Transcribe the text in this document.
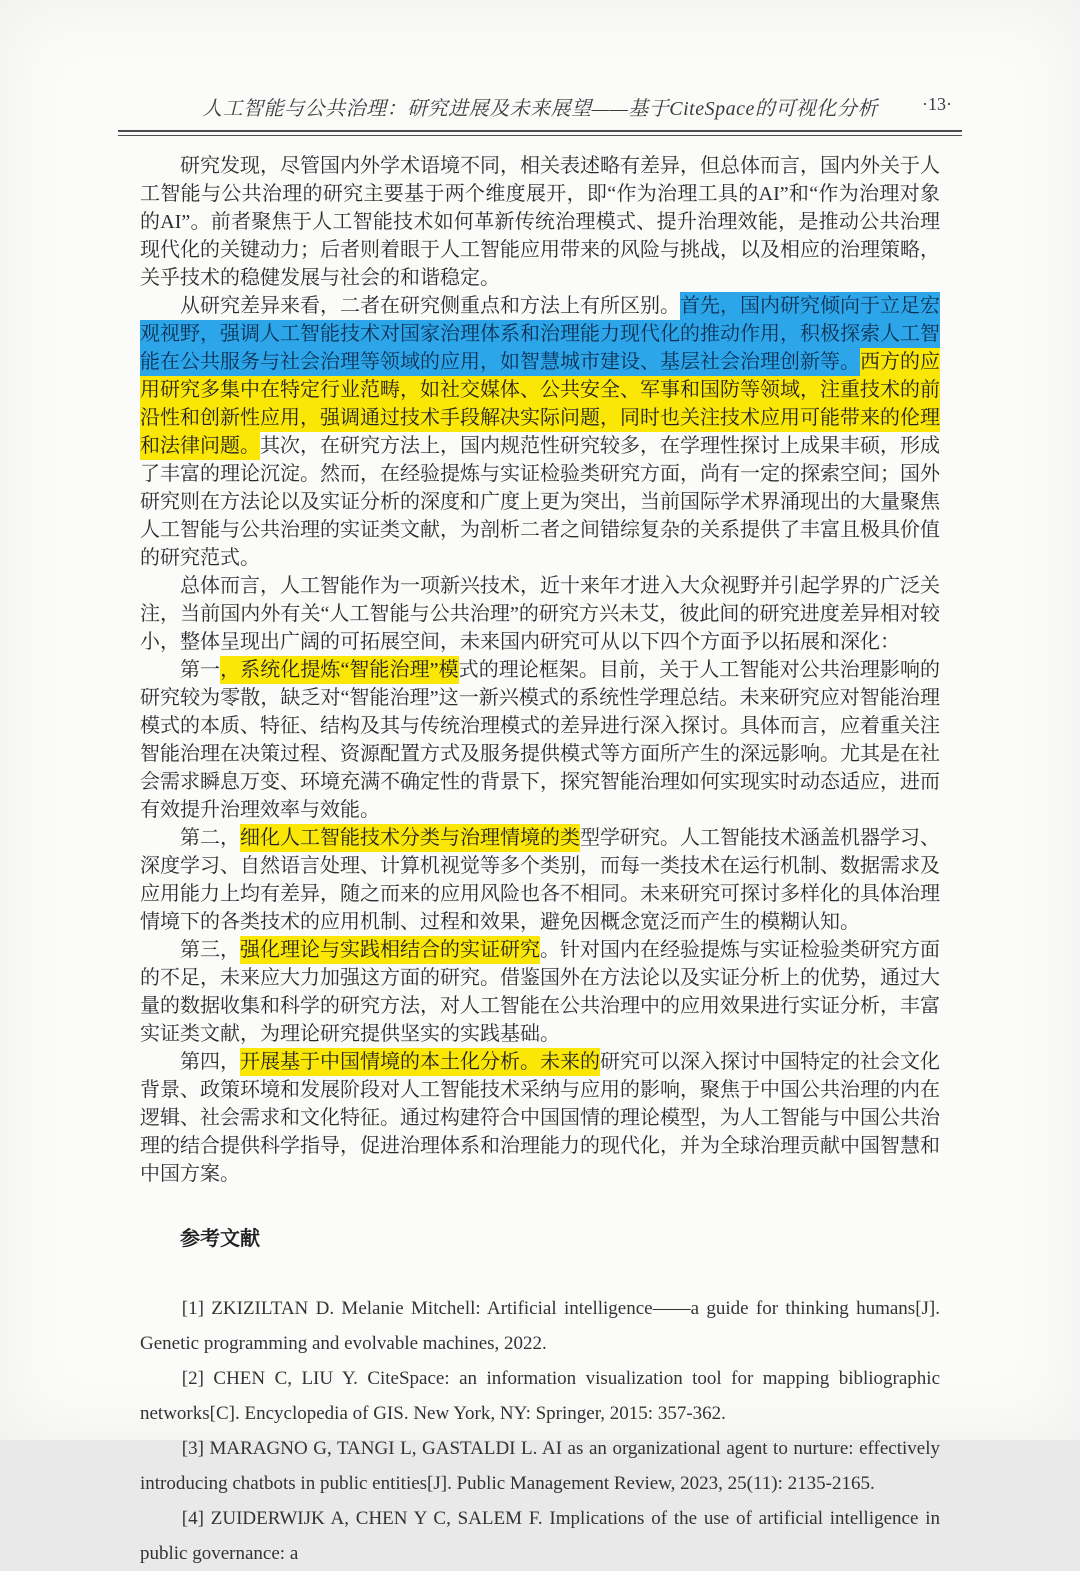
人工智能与公共治理：研究进展及未来展望——基于CiteSpace的可视化分析	·13·

研究发现，尽管国内外学术语境不同，相关表述略有差异，但总体而言，国内外关于人工智能与公共治理的研究主要基于两个维度展开，即“作为治理工具的AI”和“作为治理对象的AI”。前者聚焦于人工智能技术如何革新传统治理模式、提升治理效能，是推动公共治理现代化的关键动力；后者则着眼于人工智能应用带来的风险与挑战，以及相应的治理策略，关乎技术的稳健发展与社会的和谐稳定。

从研究差异来看，二者在研究侧重点和方法上有所区别。首先，国内研究倾向于立足宏观视野，强调人工智能技术对国家治理体系和治理能力现代化的推动作用，积极探索人工智能在公共服务与社会治理等领域的应用，如智慧城市建设、基层社会治理创新等。西方的应用研究多集中在特定行业范畴，如社交媒体、公共安全、军事和国防等领域，注重技术的前沿性和创新性应用，强调通过技术手段解决实际问题，同时也关注技术应用可能带来的伦理和法律问题。其次，在研究方法上，国内规范性研究较多，在学理性探讨上成果丰硕，形成了丰富的理论沉淀。然而，在经验提炼与实证检验类研究方面，尚有一定的探索空间；国外研究则在方法论以及实证分析的深度和广度上更为突出，当前国际学术界涌现出的大量聚焦人工智能与公共治理的实证类文献，为剖析二者之间错综复杂的关系提供了丰富且极具价值的研究范式。

总体而言，人工智能作为一项新兴技术，近十来年才进入大众视野并引起学界的广泛关注，当前国内外有关“人工智能与公共治理”的研究方兴未艾，彼此间的研究进度差异相对较小，整体呈现出广阔的可拓展空间，未来国内研究可从以下四个方面予以拓展和深化：

第一，系统化提炼“智能治理”模式的理论框架。目前，关于人工智能对公共治理影响的研究较为零散，缺乏对“智能治理”这一新兴模式的系统性学理总结。未来研究应对智能治理模式的本质、特征、结构及其与传统治理模式的差异进行深入探讨。具体而言，应着重关注智能治理在决策过程、资源配置方式及服务提供模式等方面所产生的深远影响。尤其是在社会需求瞬息万变、环境充满不确定性的背景下，探究智能治理如何实现实时动态适应，进而有效提升治理效率与效能。

第二，细化人工智能技术分类与治理情境的类型学研究。人工智能技术涵盖机器学习、深度学习、自然语言处理、计算机视觉等多个类别，而每一类技术在运行机制、数据需求及应用能力上均有差异，随之而来的应用风险也各不相同。未来研究可探讨多样化的具体治理情境下的各类技术的应用机制、过程和效果，避免因概念宽泛而产生的模糊认知。

第三，强化理论与实践相结合的实证研究。针对国内在经验提炼与实证检验类研究方面的不足，未来应大力加强这方面的研究。借鉴国外在方法论以及实证分析上的优势，通过大量的数据收集和科学的研究方法，对人工智能在公共治理中的应用效果进行实证分析，丰富实证类文献，为理论研究提供坚实的实践基础。

第四，开展基于中国情境的本土化分析。未来的研究可以深入探讨中国特定的社会文化背景、政策环境和发展阶段对人工智能技术采纳与应用的影响，聚焦于中国公共治理的内在逻辑、社会需求和文化特征。通过构建符合中国国情的理论模型，为人工智能与中国公共治理的结合提供科学指导，促进治理体系和治理能力的现代化，并为全球治理贡献中国智慧和中国方案。

参考文献

[1] ZKIZILTAN D. Melanie Mitchell: Artificial intelligence——a guide for thinking humans[J]. Genetic programming and evolvable machines, 2022.

[2] CHEN C, LIU Y. CiteSpace: an information visualization tool for mapping bibliographic networks[C]. Encyclopedia of GIS. New York, NY: Springer, 2015: 357-362.

[3] MARAGNO G, TANGI L, GASTALDI L. AI as an organizational agent to nurture: effectively introducing chatbots in public entities[J]. Public Management Review, 2023, 25(11): 2135-2165.

[4] ZUIDERWIJK A, CHEN Y C, SALEM F. Implications of the use of artificial intelligence in public governance: a
